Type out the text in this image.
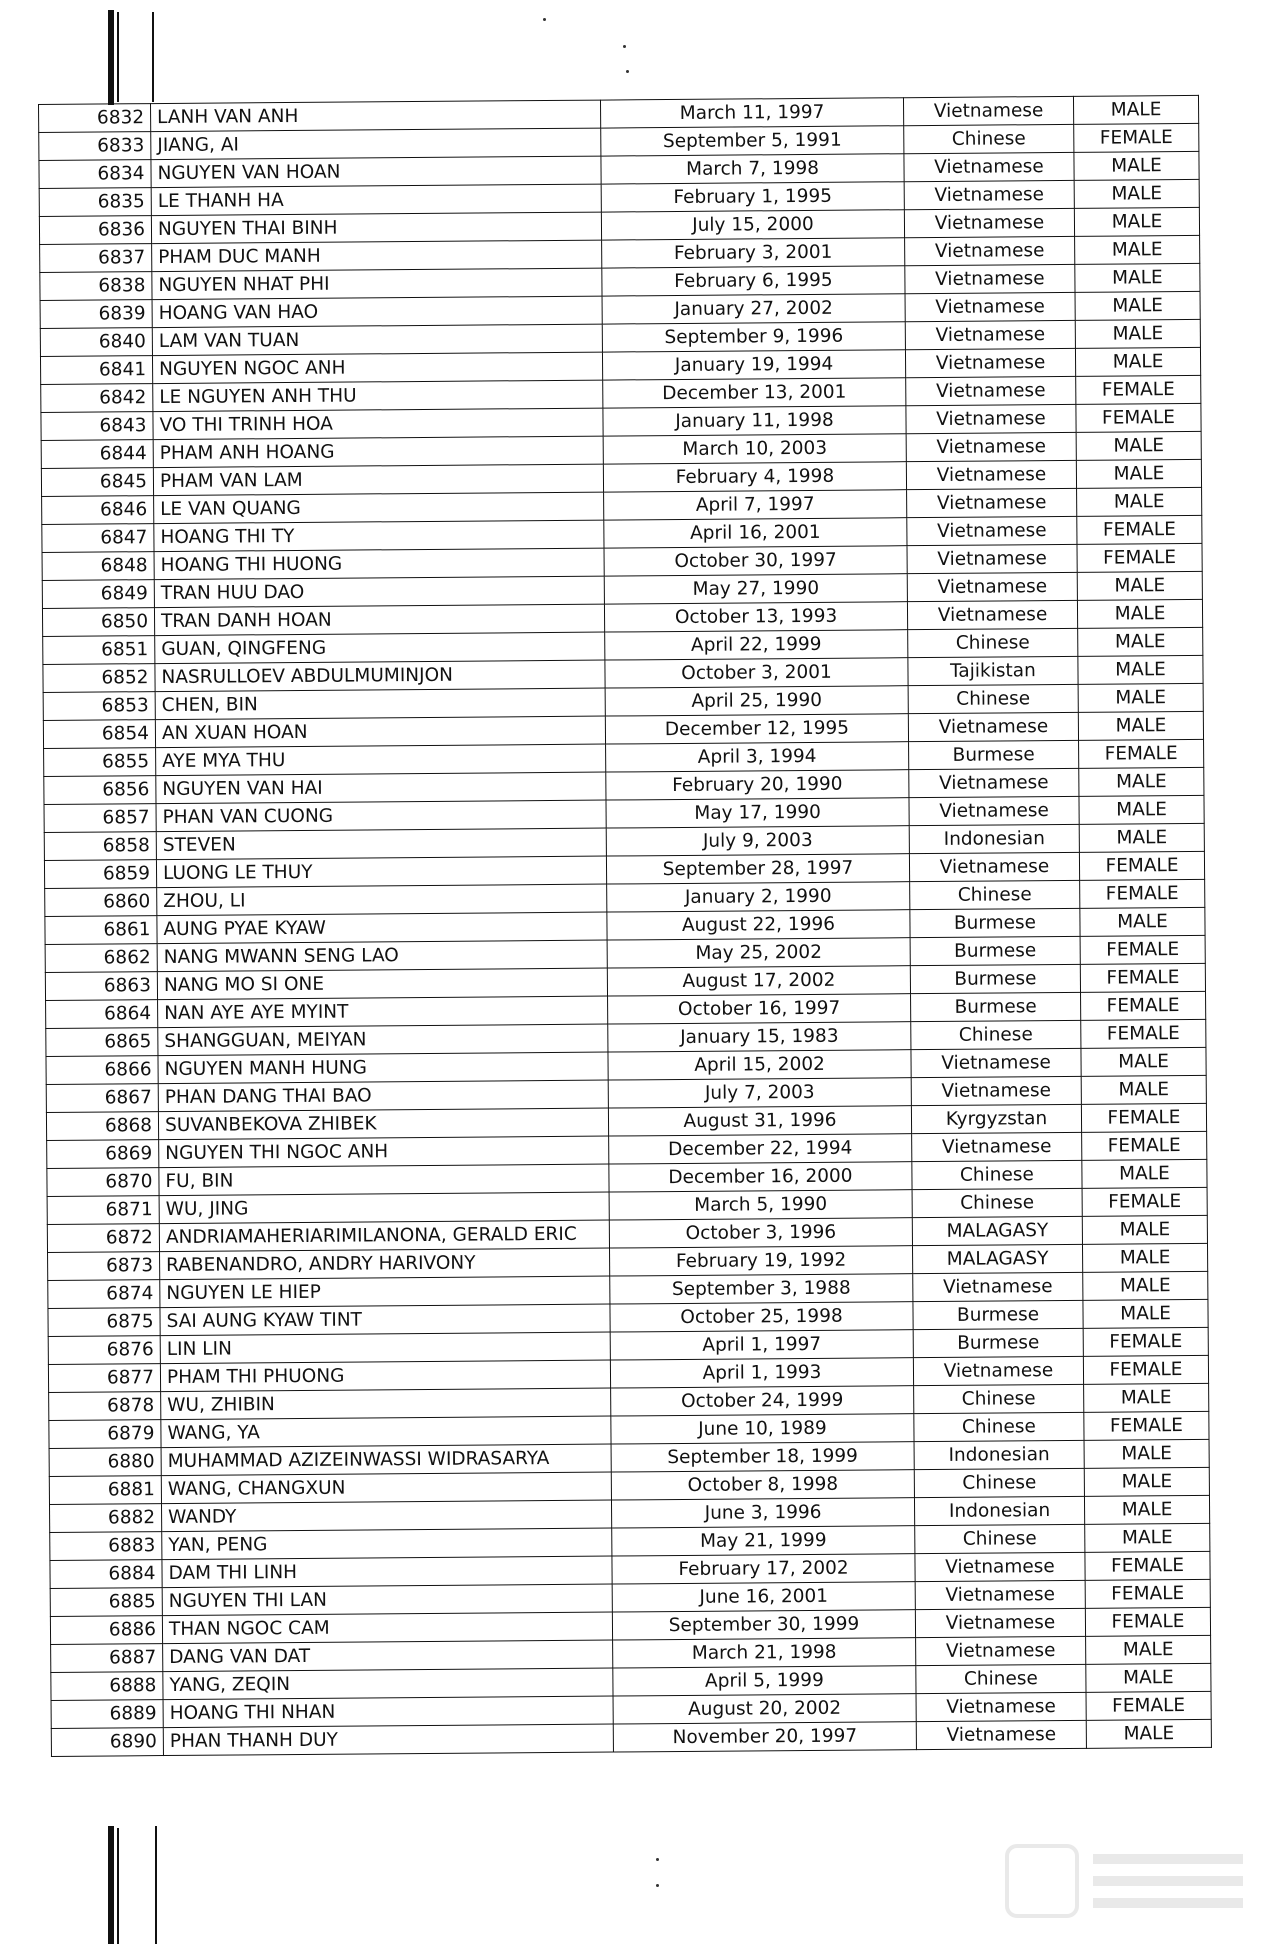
6832	LANH VAN ANH	March 11, 1997	Vietnamese	MALE
6833	JIANG, AI	September 5, 1991	Chinese	FEMALE
6834	NGUYEN VAN HOAN	March 7, 1998	Vietnamese	MALE
6835	LE THANH HA	February 1, 1995	Vietnamese	MALE
6836	NGUYEN THAI BINH	July 15, 2000	Vietnamese	MALE
6837	PHAM DUC MANH	February 3, 2001	Vietnamese	MALE
6838	NGUYEN NHAT PHI	February 6, 1995	Vietnamese	MALE
6839	HOANG VAN HAO	January 27, 2002	Vietnamese	MALE
6840	LAM VAN TUAN	September 9, 1996	Vietnamese	MALE
6841	NGUYEN NGOC ANH	January 19, 1994	Vietnamese	MALE
6842	LE NGUYEN ANH THU	December 13, 2001	Vietnamese	FEMALE
6843	VO THI TRINH HOA	January 11, 1998	Vietnamese	FEMALE
6844	PHAM ANH HOANG	March 10, 2003	Vietnamese	MALE
6845	PHAM VAN LAM	February 4, 1998	Vietnamese	MALE
6846	LE VAN QUANG	April 7, 1997	Vietnamese	MALE
6847	HOANG THI TY	April 16, 2001	Vietnamese	FEMALE
6848	HOANG THI HUONG	October 30, 1997	Vietnamese	FEMALE
6849	TRAN HUU DAO	May 27, 1990	Vietnamese	MALE
6850	TRAN DANH HOAN	October 13, 1993	Vietnamese	MALE
6851	GUAN, QINGFENG	April 22, 1999	Chinese	MALE
6852	NASRULLOEV ABDULMUMINJON	October 3, 2001	Tajikistan	MALE
6853	CHEN, BIN	April 25, 1990	Chinese	MALE
6854	AN XUAN HOAN	December 12, 1995	Vietnamese	MALE
6855	AYE MYA THU	April 3, 1994	Burmese	FEMALE
6856	NGUYEN VAN HAI	February 20, 1990	Vietnamese	MALE
6857	PHAN VAN CUONG	May 17, 1990	Vietnamese	MALE
6858	STEVEN	July 9, 2003	Indonesian	MALE
6859	LUONG LE THUY	September 28, 1997	Vietnamese	FEMALE
6860	ZHOU, LI	January 2, 1990	Chinese	FEMALE
6861	AUNG PYAE KYAW	August 22, 1996	Burmese	MALE
6862	NANG MWANN SENG LAO	May 25, 2002	Burmese	FEMALE
6863	NANG MO SI ONE	August 17, 2002	Burmese	FEMALE
6864	NAN AYE AYE MYINT	October 16, 1997	Burmese	FEMALE
6865	SHANGGUAN, MEIYAN	January 15, 1983	Chinese	FEMALE
6866	NGUYEN MANH HUNG	April 15, 2002	Vietnamese	MALE
6867	PHAN DANG THAI BAO	July 7, 2003	Vietnamese	MALE
6868	SUVANBEKOVA ZHIBEK	August 31, 1996	Kyrgyzstan	FEMALE
6869	NGUYEN THI NGOC ANH	December 22, 1994	Vietnamese	FEMALE
6870	FU, BIN	December 16, 2000	Chinese	MALE
6871	WU, JING	March 5, 1990	Chinese	FEMALE
6872	ANDRIAMAHERIARIMILANONA, GERALD ERIC	October 3, 1996	MALAGASY	MALE
6873	RABENANDRO, ANDRY HARIVONY	February 19, 1992	MALAGASY	MALE
6874	NGUYEN LE HIEP	September 3, 1988	Vietnamese	MALE
6875	SAI AUNG KYAW TINT	October 25, 1998	Burmese	MALE
6876	LIN LIN	April 1, 1997	Burmese	FEMALE
6877	PHAM THI PHUONG	April 1, 1993	Vietnamese	FEMALE
6878	WU, ZHIBIN	October 24, 1999	Chinese	MALE
6879	WANG, YA	June 10, 1989	Chinese	FEMALE
6880	MUHAMMAD AZIZEINWASSI WIDRASARYA	September 18, 1999	Indonesian	MALE
6881	WANG, CHANGXUN	October 8, 1998	Chinese	MALE
6882	WANDY	June 3, 1996	Indonesian	MALE
6883	YAN, PENG	May 21, 1999	Chinese	MALE
6884	DAM THI LINH	February 17, 2002	Vietnamese	FEMALE
6885	NGUYEN THI LAN	June 16, 2001	Vietnamese	FEMALE
6886	THAN NGOC CAM	September 30, 1999	Vietnamese	FEMALE
6887	DANG VAN DAT	March 21, 1998	Vietnamese	MALE
6888	YANG, ZEQIN	April 5, 1999	Chinese	MALE
6889	HOANG THI NHAN	August 20, 2002	Vietnamese	FEMALE
6890	PHAN THANH DUY	November 20, 1997	Vietnamese	MALE
